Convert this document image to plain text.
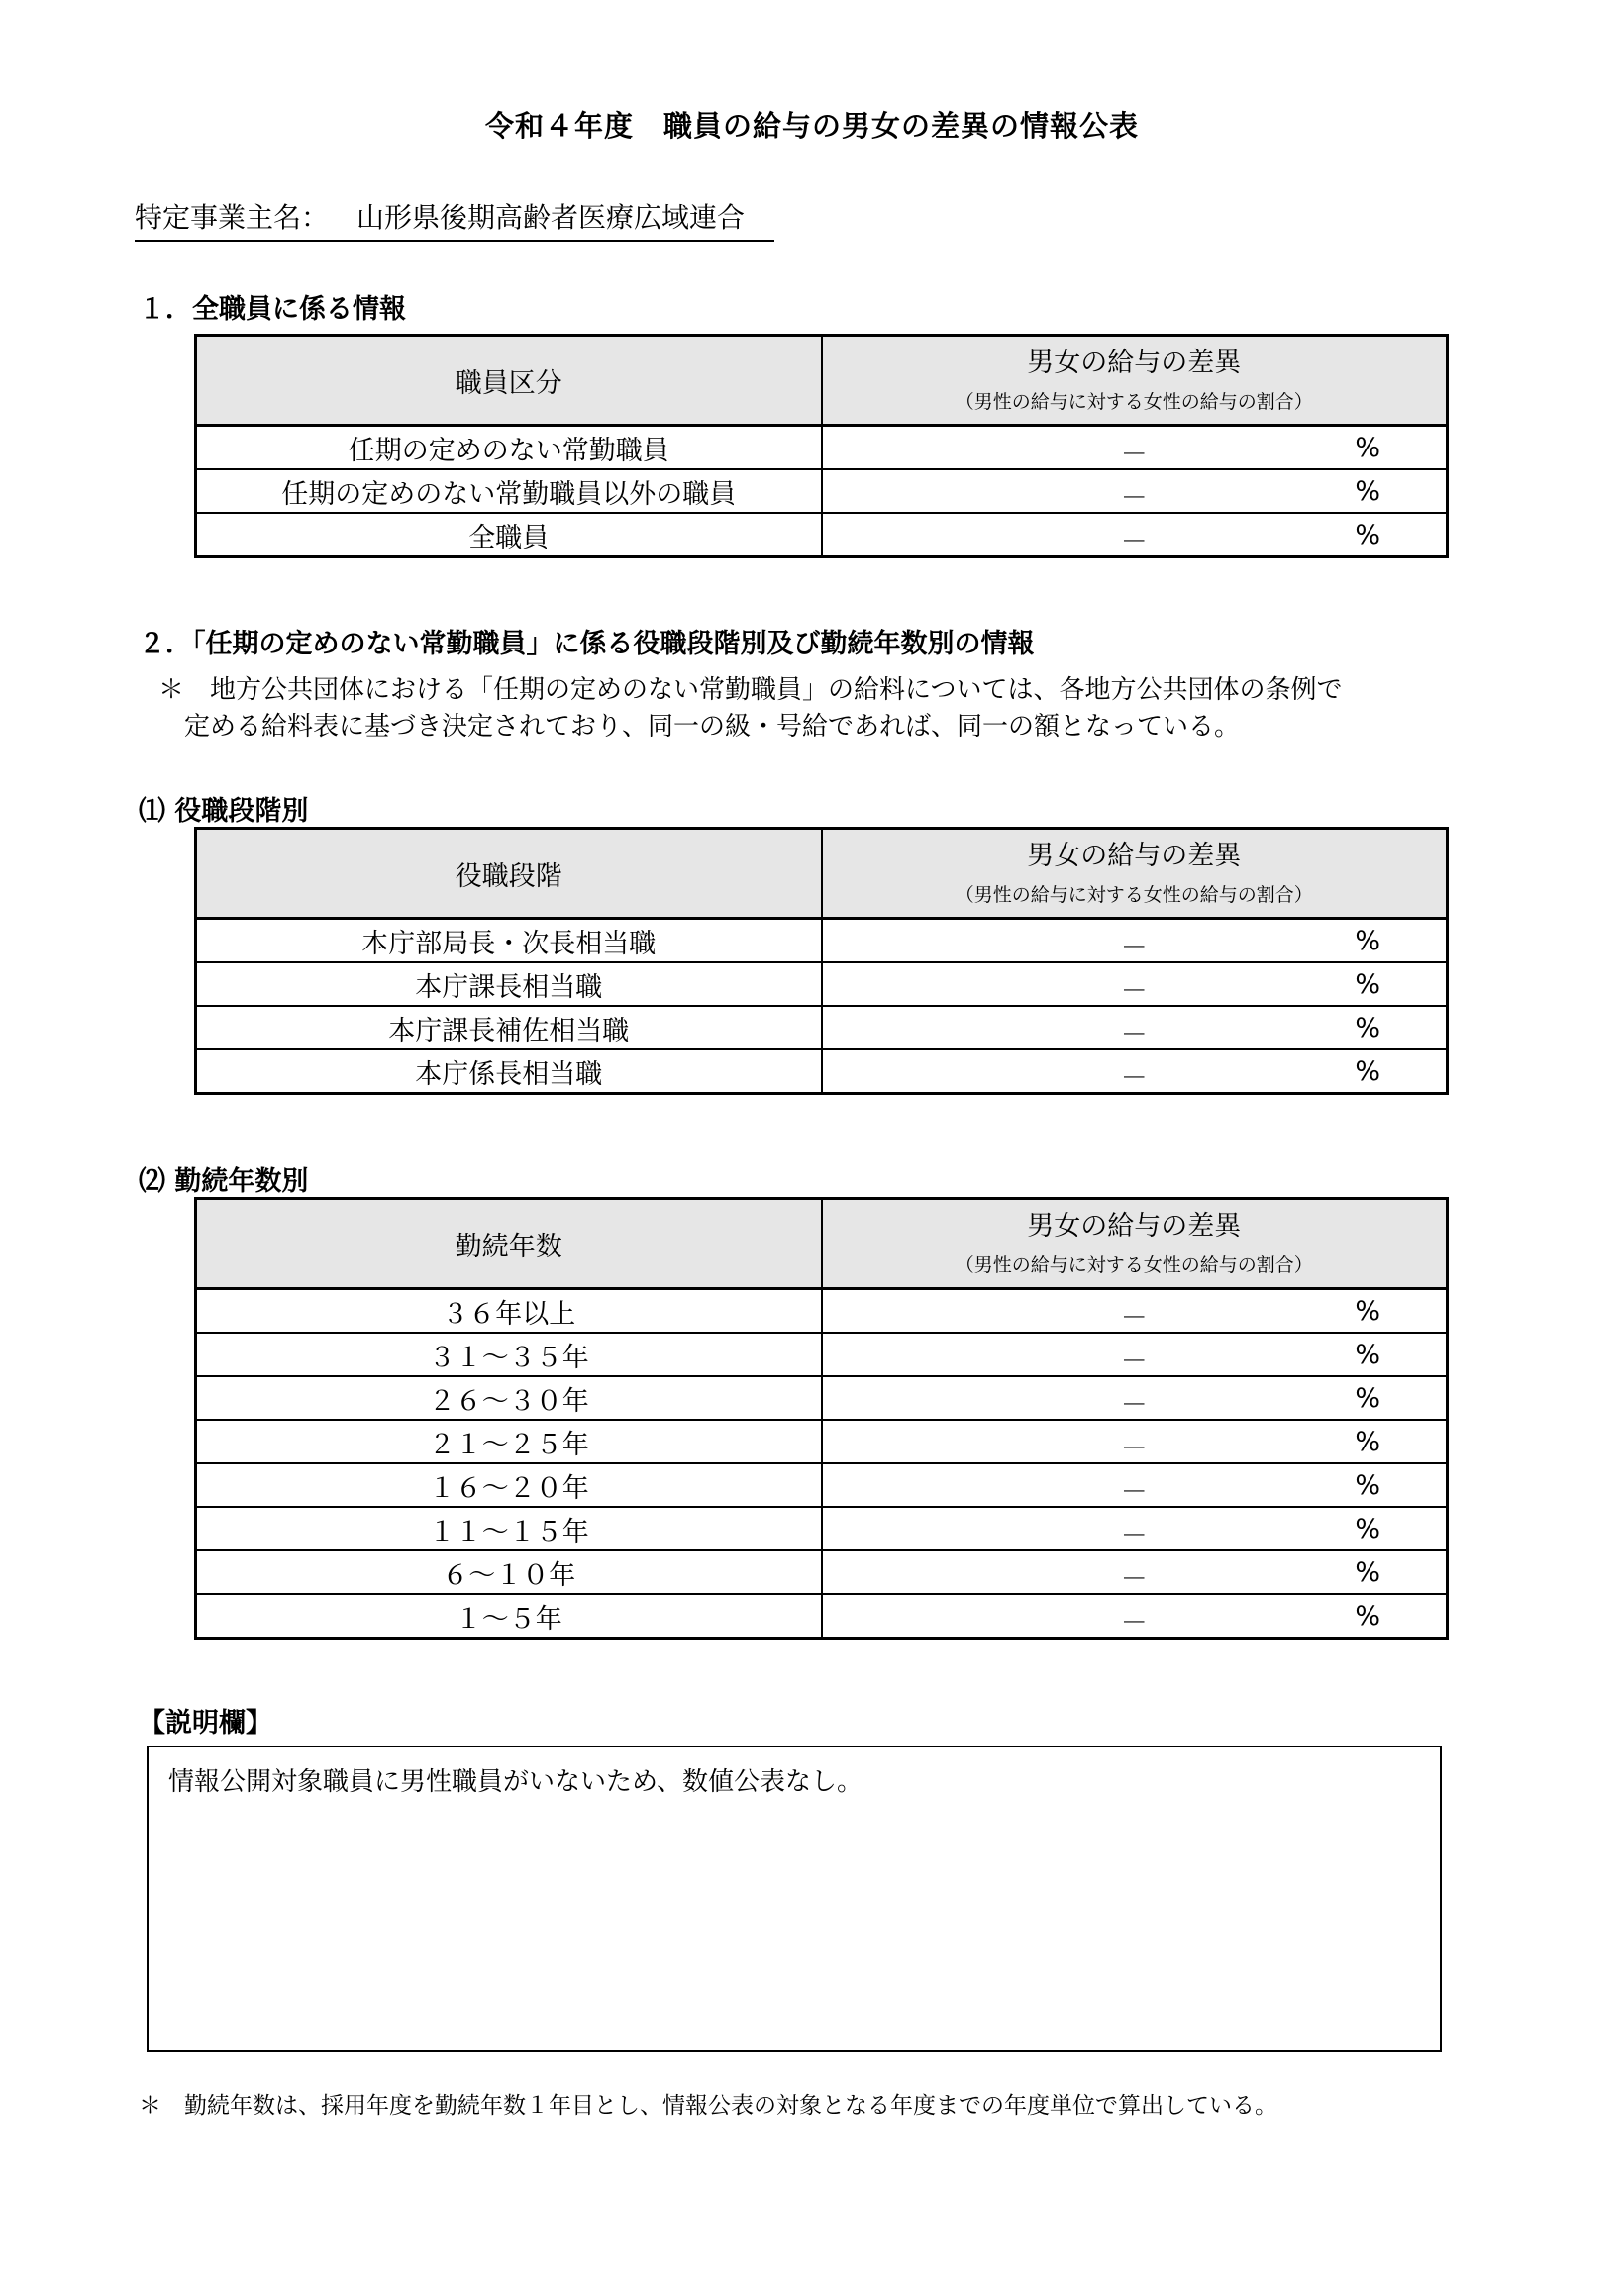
令和４年度　職員の給与の男女の差異の情報公表
特定事業主名： 山形県後期高齢者医療広域連合
１．全職員に係る情報
職員区分	男女の給与の差異
（男性の給与に対する女性の給与の割合）

任期の定めのない常勤職員	－ %

任期の定めのない常勤職員以外の職員	－ %

全職員	－ %
２．「任期の定めのない常勤職員」に係る役職段階別及び勤続年数別の情報
＊ 地方公共団体における「任期の定めのない常勤職員」の給料については、各地方公共団体の条例で
定める給料表に基づき決定されており、同一の級・号給であれば、同一の額となっている。
⑴ 役職段階別
役職段階	男女の給与の差異
（男性の給与に対する女性の給与の割合）

本庁部局長・次長相当職	－ %

本庁課長相当職	－ %

本庁課長補佐相当職	－ %

本庁係長相当職	－ %
⑵ 勤続年数別
勤続年数	男女の給与の差異
（男性の給与に対する女性の給与の割合）

３６年以上	－ %

３１～３５年	－ %

２６～３０年	－ %

２１～２５年	－ %

１６～２０年	－ %

１１～１５年	－ %

６～１０年	－ %

１～５年	－ %
【説明欄】
情報公開対象職員に男性職員がいないため、数値公表なし。
＊　勤続年数は、採用年度を勤続年数１年目とし、情報公表の対象となる年度までの年度単位で算出している。
